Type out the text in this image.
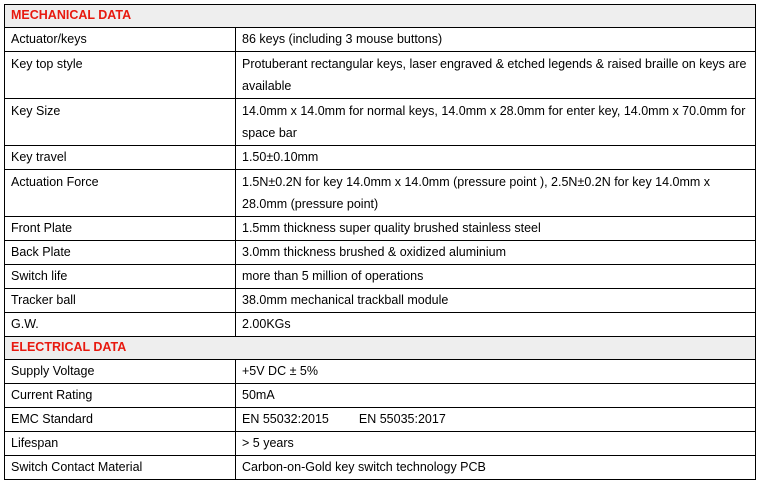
MECHANICAL DATA	
Actuator/keys	86 keys (including 3 mouse buttons)
Key top style	Protuberant rectangular keys, laser engraved & etched legends & raised braille on keys are available
Key Size	14.0mm x 14.0mm for normal keys, 14.0mm x 28.0mm for enter key, 14.0mm x 70.0mm for space bar
Key travel	1.50±0.10mm
Actuation Force	1.5N±0.2N for key 14.0mm x 14.0mm (pressure point ), 2.5N±0.2N for key 14.0mm x 28.0mm (pressure point)
Front Plate	1.5mm thickness super quality brushed stainless steel
Back Plate	3.0mm thickness brushed & oxidized aluminium
Switch life	more than 5 million of operations
Tracker ball	38.0mm mechanical trackball module
G.W.	2.00KGs
ELECTRICAL DATA	
Supply Voltage	+5V DC ± 5%
Current Rating	50mA
EMC Standard	EN 55032:2015 EN 55035:2017
Lifespan	> 5 years
Switch Contact Material	Carbon-on-Gold key switch technology PCB
